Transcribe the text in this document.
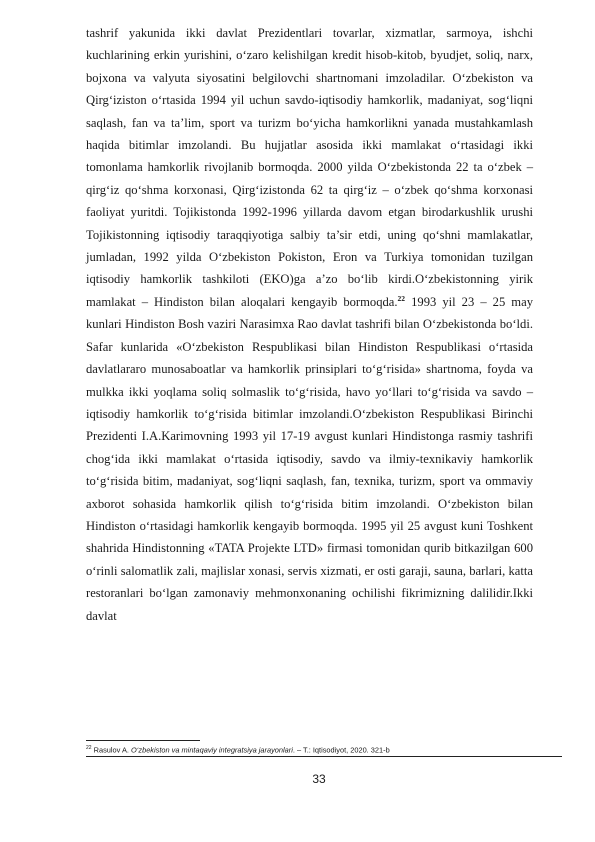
tashrif yakunida ikki davlat Prezidentlari tovarlar, xizmatlar, sarmoya, ishchi kuchlarining erkin yurishini, o‘zaro kelishilgan kredit hisob-kitob, byudjet, soliq, narx, bojxona va valyuta siyosatini belgilovchi shartnomani imzoladilar. O‘zbekiston va Qirg‘iziston o‘rtasida 1994 yil uchun savdo-iqtisodiy hamkorlik, madaniyat, sog‘liqni saqlash, fan va ta’lim, sport va turizm bo‘yicha hamkorlikni yanada mustahkamlash haqida bitimlar imzolandi. Bu hujjatlar asosida ikki mamlakat o‘rtasidagi ikki tomonlama hamkorlik rivojlanib bormoqda. 2000 yilda O‘zbekistonda 22 ta o‘zbek – qirg‘iz qo‘shma korxonasi, Qirg‘izistonda 62 ta qirg‘iz – o‘zbek qo‘shma korxonasi faoliyat yuritdi. Tojikistonda 1992-1996 yillarda davom etgan birodarkushlik urushi Tojikistonning iqtisodiy taraqqiyotiga salbiy ta’sir etdi, uning qo‘shni mamlakatlar, jumladan, 1992 yilda O‘zbekiston Pokiston, Eron va Turkiya tomonidan tuzilgan iqtisodiy hamkorlik tashkiloti (EKO)ga a’zo bo‘lib kirdi.O‘zbekistonning yirik mamlakat – Hindiston bilan aloqalari kengayib bormoqda.$^{22}$ 1993 yil 23 – 25 may kunlari Hindiston Bosh vaziri Narasimxa Rao davlat tashrifi bilan O‘zbekistonda bo‘ldi. Safar kunlarida «O‘zbekiston Respublikasi bilan Hindiston Respublikasi o‘rtasida davlatlararo munosaboatlar va hamkorlik prinsiplari to‘g‘risida» shartnoma, foyda va mulkka ikki yoqlama soliq solmaslik to‘g‘risida, havo yo‘llari to‘g‘risida va savdo – iqtisodiy hamkorlik to‘g‘risida bitimlar imzolandi.O‘zbekiston Respublikasi Birinchi Prezidenti I.A.Karimovning 1993 yil 17-19 avgust kunlari Hindistonga rasmiy tashrifi chog‘ida ikki mamlakat o‘rtasida iqtisodiy, savdo va ilmiy-texnikaviy hamkorlik to‘g‘risida bitim, madaniyat, sog‘liqni saqlash, fan, texnika, turizm, sport va ommaviy axborot sohasida hamkorlik qilish to‘g‘risida bitim imzolandi. O‘zbekiston bilan Hindiston o‘rtasidagi hamkorlik kengayib bormoqda. 1995 yil 25 avgust kuni Toshkent shahrida Hindistonning «TATA Projekte LTD» firmasi tomonidan qurib bitkazilgan 600 o‘rinli salomatlik zali, majlislar xonasi, servis xizmati, er osti garaji, sauna, barlari, katta restoranlari bo‘lgan zamonaviy mehmonxonaning ochilishi fikrimizning dalilidir.Ikki davlat

$^{22}$ Rasulov A. O‘zbekiston va mintaqaviy integratsiya jarayonlari. – T.: Iqtisodiyot, 2020. 321-b
33
